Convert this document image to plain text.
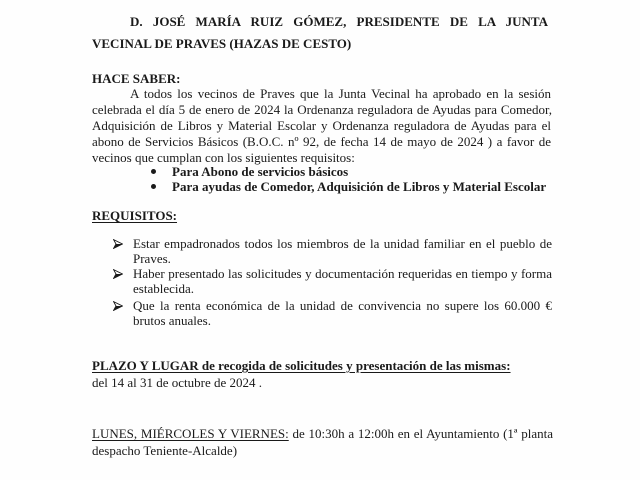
D. JOSÉ MARÍA RUIZ GÓMEZ, PRESIDENTE DE LA JUNTA
VECINAL DE PRAVES (HAZAS DE CESTO)
HACE SABER:
A todos los vecinos de Praves que la Junta Vecinal ha aprobado en la sesión
celebrada el día 5 de enero de 2024 la Ordenanza reguladora de Ayudas para Comedor,
Adquisición de Libros y Material Escolar y Ordenanza reguladora de Ayudas para el
abono de Servicios Básicos (B.O.C. nº 92, de fecha 14 de mayo de 2024 ) a favor de
vecinos que cumplan con los siguientes requisitos:
Para Abono de servicios básicos
Para ayudas de Comedor, Adquisición de Libros y Material Escolar
REQUISITOS:
Estar empadronados todos los miembros de la unidad familiar en el pueblo de
Praves.
Haber presentado las solicitudes y documentación requeridas en tiempo y forma
establecida.
Que la renta económica de la unidad de convivencia no supere los 60.000 €
brutos anuales.
PLAZO Y LUGAR de recogida de solicitudes y presentación de las mismas:
del 14 al 31 de octubre de 2024 .
LUNES, MIÉRCOLES Y VIERNES: de 10:30h a 12:00h en el Ayuntamiento (1ª planta
despacho Teniente-Alcalde)
